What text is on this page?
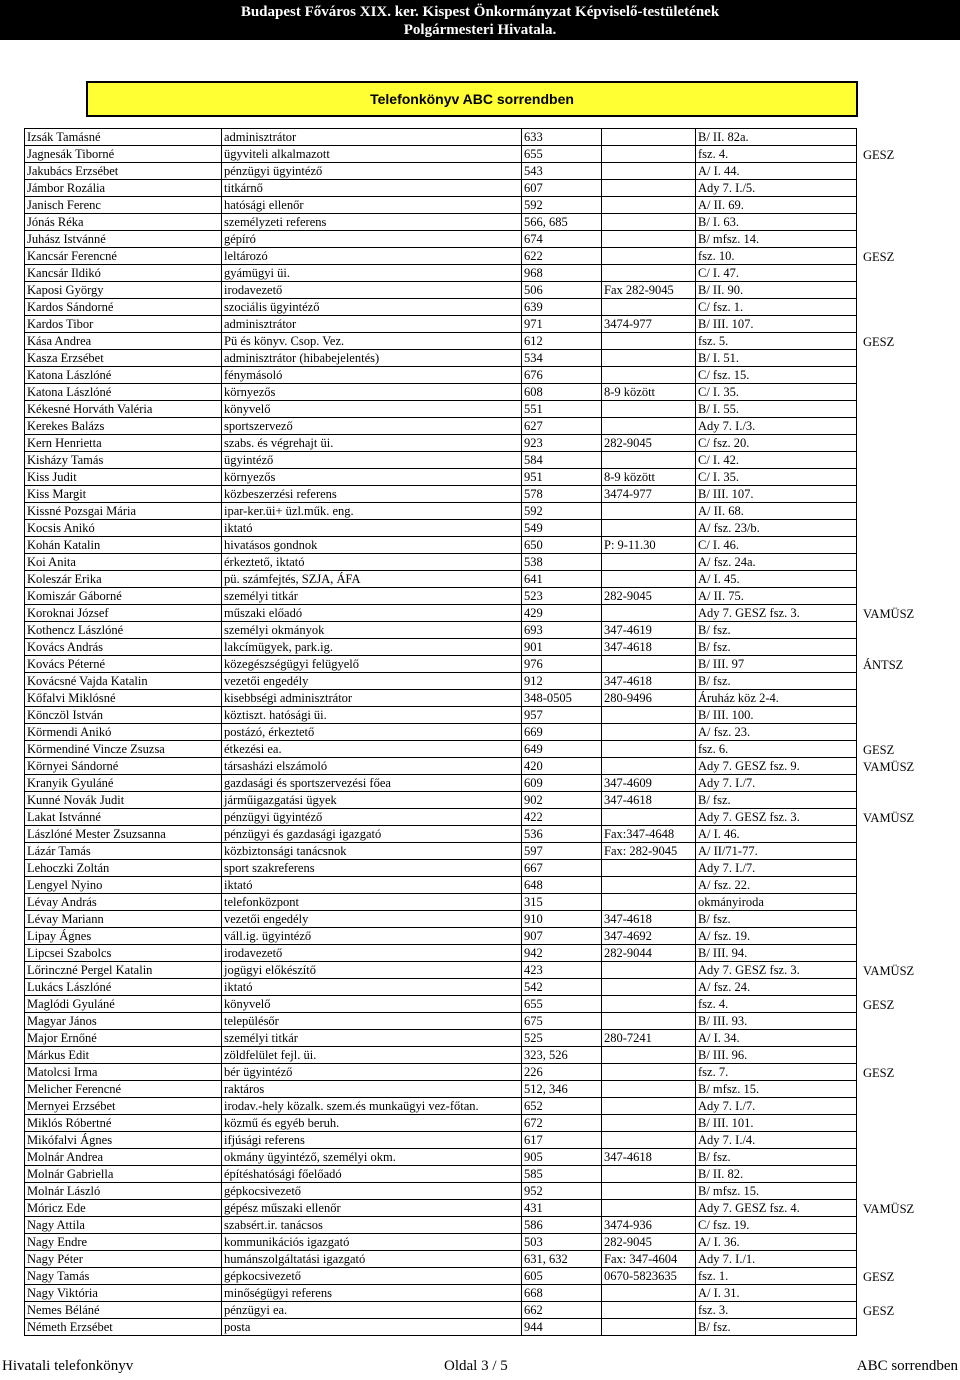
Budapest Főváros XIX. ker. Kispest Önkormányzat Képviselő-testületének
Polgármesteri Hivatala.
Telefonkönyv ABC sorrendben
Izsák Tamásné	adminisztrátor	633		B/ II. 82a.	

Jagnesák Tiborné	ügyviteli alkalmazott	655		fsz. 4.	GESZ

Jakubács Erzsébet	pénzügyi ügyintéző	543		A/ I. 44.	

Jámbor Rozália	titkárnő	607		Ady 7. I./5.	

Janisch Ferenc	hatósági ellenőr	592		A/ II. 69.	

Jónás Réka	személyzeti referens	566, 685		B/ I. 63.	

Juhász Istvánné	gépíró	674		B/ mfsz. 14.	

Kancsár Ferencné	leltározó	622		fsz. 10.	GESZ

Kancsár Ildikó	gyámügyi üi.	968		C/ I. 47.	

Kaposi György	irodavezető	506	Fax 282-9045	B/ II. 90.	

Kardos Sándorné	szociális ügyintéző	639		C/ fsz. 1.	

Kardos Tibor	adminisztrátor	971	3474-977	B/ III. 107.	

Kása Andrea	Pü és könyv. Csop. Vez.	612		fsz. 5.	GESZ

Kasza Erzsébet	adminisztrátor (hibabejelentés)	534		B/ I. 51.	

Katona Lászlóné	fénymásoló	676		C/ fsz. 15.	

Katona Lászlóné	környezős	608	8-9 között	C/ I. 35.	

Kékesné Horváth Valéria	könyvelő	551		B/ I. 55.	

Kerekes Balázs	sportszervező	627		Ady 7. I./3.	

Kern Henrietta	szabs. és végrehajt üi.	923	282-9045	C/ fsz. 20.	

Kisházy Tamás	ügyintéző	584		C/ I. 42.	

Kiss Judit	környezős	951	8-9 között	C/ I. 35.	

Kiss Margit	közbeszerzési referens	578	3474-977	B/ III. 107.	

Kissné Pozsgai Mária	ipar-ker.üi+ üzl.műk. eng.	592		A/ II. 68.	

Kocsis Anikó	iktató	549		A/ fsz. 23/b.	

Kohán Katalin	hivatásos gondnok	650	P: 9-11.30	C/ I. 46.	

Koi Anita	érkeztető, iktató	538		A/ fsz. 24a.	

Koleszár Erika	pü. számfejtés, SZJA, ÁFA	641		A/ I. 45.	

Komiszár Gáborné	személyi titkár	523	282-9045	A/ II. 75.	

Koroknai József	műszaki előadó	429		Ady 7. GESZ fsz. 3.	VAMÜSZ

Kothencz Lászlóné	személyi okmányok	693	347-4619	B/ fsz.	

Kovács András	lakcímügyek, park.ig.	901	347-4618	B/ fsz.	

Kovács Péterné	közegészségügyi felügyelő	976		B/ III. 97	ÁNTSZ

Kovácsné Vajda Katalin	vezetői engedély	912	347-4618	B/ fsz.	

Kőfalvi Miklósné	kisebbségi adminisztrátor	348-0505	280-9496	Áruház köz 2-4.	

Könczöl István	köztiszt. hatósági üi.	957		B/ III. 100.	

Körmendi Anikó	postázó, érkeztető	669		A/ fsz. 23.	

Körmendiné Vincze Zsuzsa	étkezési ea.	649		fsz. 6.	GESZ

Környei Sándorné	társasházi elszámoló	420		Ady 7. GESZ fsz. 9.	VAMÜSZ

Kranyik Gyuláné	gazdasági és sportszervezési főea	609	347-4609	Ady 7. I./7.	

Kunné Novák Judit	járműigazgatási ügyek	902	347-4618	B/ fsz.	

Lakat Istvánné	pénzügyi ügyintéző	422		Ady 7. GESZ fsz. 3.	VAMÜSZ

Lászlóné Mester Zsuzsanna	pénzügyi és gazdasági igazgató	536	Fax:347-4648	A/ I. 46.	

Lázár Tamás	közbiztonsági tanácsnok	597	Fax: 282-9045	A/ II/71-77.	

Lehoczki Zoltán	sport szakreferens	667		Ady 7. I./7.	

Lengyel Nyino	iktató	648		A/ fsz. 22.	

Lévay András	telefonközpont	315		okmányiroda	

Lévay Mariann	vezetői engedély	910	347-4618	B/ fsz.	

Lipay Ágnes	váll.ig. ügyintéző	907	347-4692	A/ fsz. 19.	

Lipcsei Szabolcs	irodavezető	942	282-9044	B/ III. 94.	

Lőrinczné Pergel Katalin	jogügyi előkészítő	423		Ady 7. GESZ fsz. 3.	VAMÜSZ

Lukács Lászlóné	iktató	542		A/ fsz. 24.	

Maglódi Gyuláné	könyvelő	655		fsz. 4.	GESZ

Magyar János	településőr	675		B/ III. 93.	

Major Ernőné	személyi titkár	525	280-7241	A/ I. 34.	

Márkus Edit	zöldfelület fejl. üi.	323, 526		B/ III. 96.	

Matolcsi Irma	bér ügyintéző	226		fsz. 7.	GESZ

Melicher Ferencné	raktáros	512, 346		B/ mfsz. 15.	

Mernyei Erzsébet	irodav.-hely közalk. szem.és munkaügyi vez-főtan.	652		Ady 7. I./7.	

Miklós Róbertné	közmű és egyéb beruh.	672		B/ III. 101.	

Mikófalvi Ágnes	ifjúsági referens	617		Ady 7. I./4.	

Molnár Andrea	okmány ügyintéző, személyi okm.	905	347-4618	B/ fsz.	

Molnár Gabriella	építéshatósági főelőadó	585		B/ II. 82.	

Molnár László	gépkocsivezető	952		B/ mfsz. 15.	

Móricz Ede	gépész műszaki ellenőr	431		Ady 7. GESZ fsz. 4.	VAMÜSZ

Nagy Attila	szabsért.ir. tanácsos	586	3474-936	C/ fsz. 19.	

Nagy Endre	kommunikációs igazgató	503	282-9045	A/ I. 36.	

Nagy Péter	humánszolgáltatási igazgató	631, 632	Fax: 347-4604	Ady 7. I./1.	

Nagy Tamás	gépkocsivezető	605	0670-5823635	fsz. 1.	GESZ

Nagy Viktória	minőségügyi referens	668		A/ I. 31.	

Nemes Béláné	pénzügyi ea.	662		fsz. 3.	GESZ

Németh Erzsébet	posta	944		B/ fsz.	
Hivatali telefonkönyv	Oldal 3 / 5	ABC sorrendben
